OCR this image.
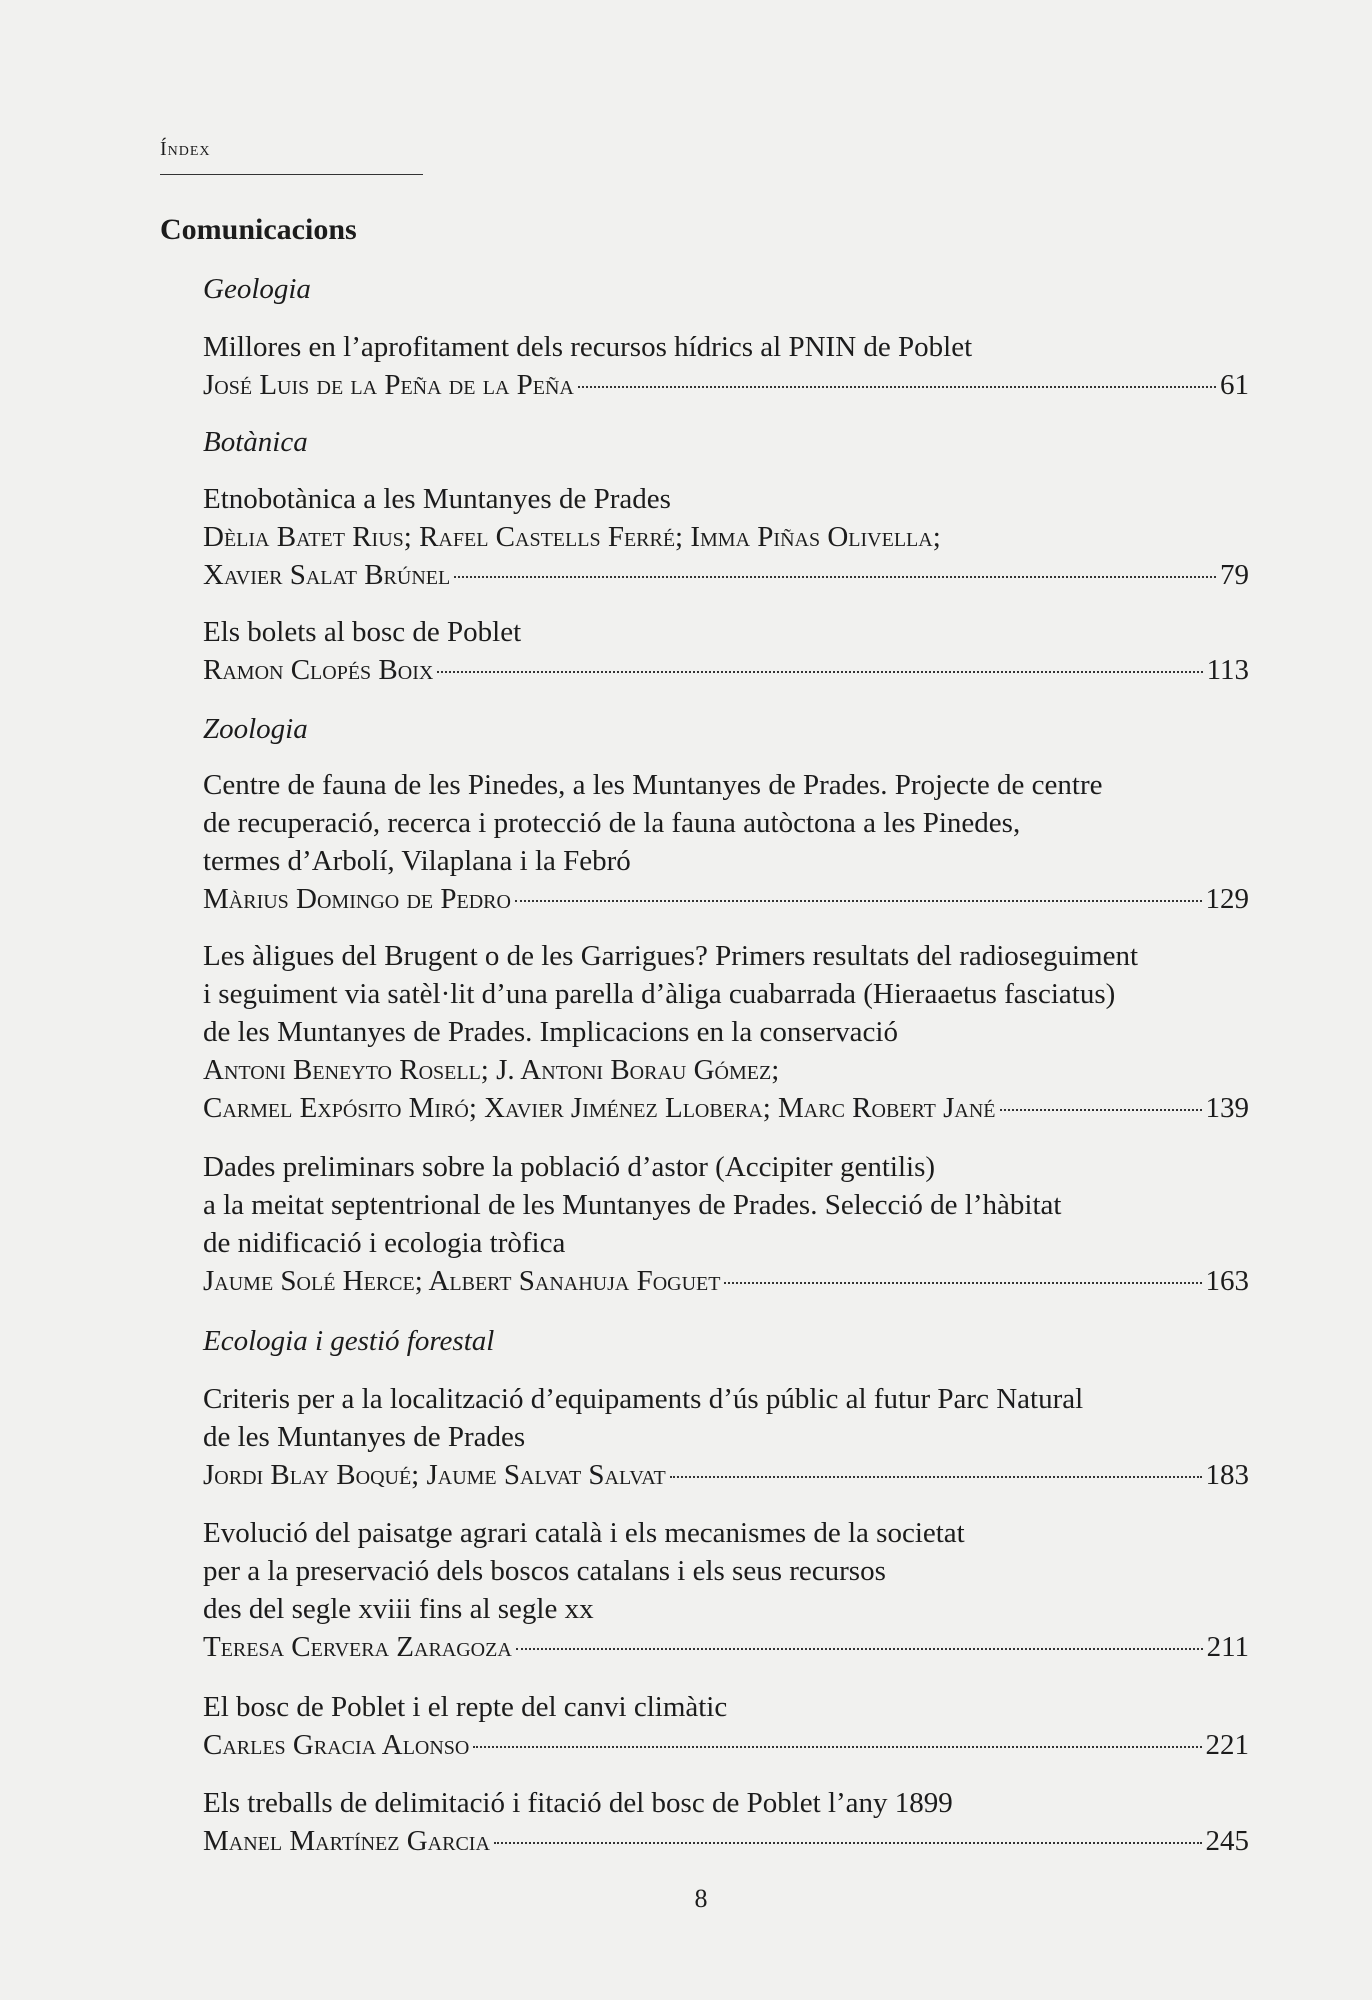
Índex
Comunicacions
Geologia
Millores en l’aprofitament dels recursos hídrics al PNIN de Poblet
José Luis de la Peña de la Peña	61
Botànica
Etnobotànica a les Muntanyes de Prades
Dèlia Batet Rius; Rafel Castells Ferré; Imma Piñas Olivella;
Xavier Salat Brúnel	79
Els bolets al bosc de Poblet
Ramon Clopés Boix	113
Zoologia
Centre de fauna de les Pinedes, a les Muntanyes de Prades. Projecte de centre
de recuperació, recerca i protecció de la fauna autòctona a les Pinedes,
termes d’Arbolí, Vilaplana i la Febró
Màrius Domingo de Pedro	129
Les àligues del Brugent o de les Garrigues? Primers resultats del radioseguiment
i seguiment via satèl·lit d’una parella d’àliga cuabarrada (Hieraaetus fasciatus)
de les Muntanyes de Prades. Implicacions en la conservació
Antoni Beneyto Rosell; J. Antoni Borau Gómez;
Carmel Expósito Miró; Xavier Jiménez Llobera; Marc Robert Jané	139
Dades preliminars sobre la població d’astor (Accipiter gentilis)
a la meitat septentrional de les Muntanyes de Prades. Selecció de l’hàbitat
de nidificació i ecologia tròfica
Jaume Solé Herce; Albert Sanahuja Foguet	163
Ecologia i gestió forestal
Criteris per a la localització d’equipaments d’ús públic al futur Parc Natural
de les Muntanyes de Prades
Jordi Blay Boqué; Jaume Salvat Salvat	183
Evolució del paisatge agrari català i els mecanismes de la societat
per a la preservació dels boscos catalans i els seus recursos
des del segle xviii fins al segle xx
Teresa Cervera Zaragoza	211
El bosc de Poblet i el repte del canvi climàtic
Carles Gracia Alonso	221
Els treballs de delimitació i fitació del bosc de Poblet l’any 1899
Manel Martínez Garcia	245
8
